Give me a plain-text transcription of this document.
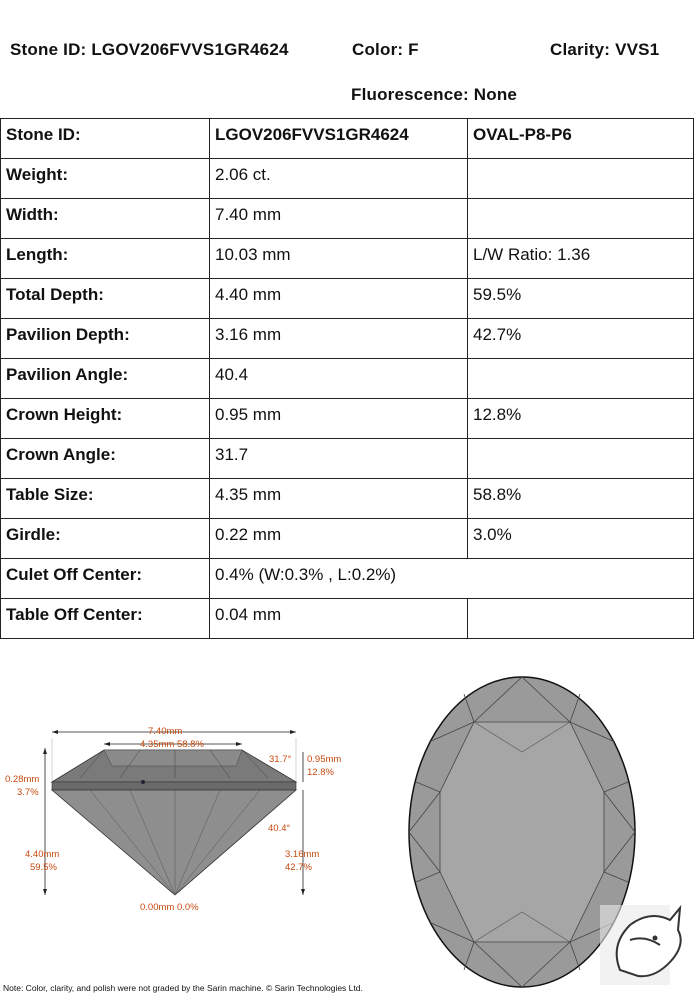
Stone ID: LGOV206FVVS1GR4624	Color: F	Clarity: VVS1
Fluorescence: None
Stone ID:	LGOV206FVVS1GR4624	OVAL-P8-P6
Weight:	2.06 ct.	
Width:	7.40 mm	
Length:	10.03 mm	L/W Ratio: 1.36
Total Depth:	4.40 mm	59.5%
Pavilion Depth:	3.16 mm	42.7%
Pavilion Angle:	40.4	
Crown Height:	0.95 mm	12.8%
Crown Angle:	31.7	
Table Size:	4.35 mm	58.8%
Girdle:	0.22 mm	3.0%
Culet Off Center:	0.4% (W:0.3% , L:0.2%)	
Table Off Center:	0.04 mm	
7.40mm
4.35mm 58.8%
0.28mm
3.7%
4.40mm
59.5%
31.7° 0.95mm
12.8%
40.4°
3.16mm
42.7%
0.00mm 0.0%
Note: Color, clarity, and polish were not graded by the Sarin machine. © Sarin Technologies Ltd.
